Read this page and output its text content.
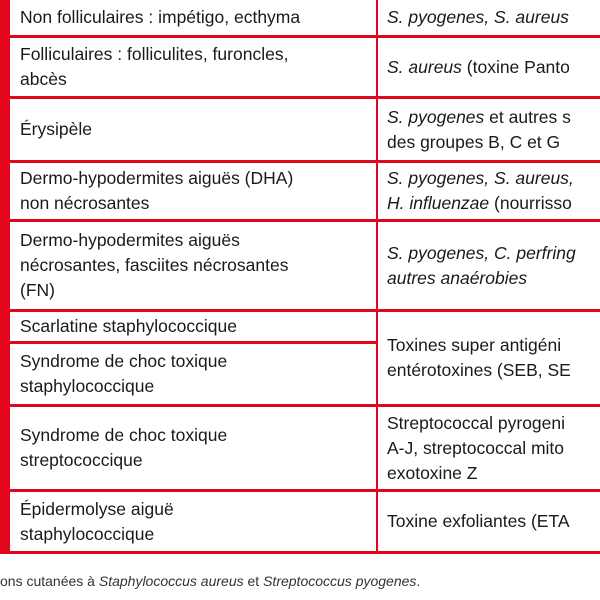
Non folliculaires : impétigo, ecthyma	S. pyogenes, S. aureus
Folliculaires : folliculites, furoncles,
abcès
S. aureus (toxine Panto
Érysipèle
S. pyogenes et autres s
des groupes B, C et G
Dermo-hypodermites aiguës (DHA)
non nécrosantes
S. pyogenes, S. aureus,
H. influenzae (nourrisso
Dermo-hypodermites aiguës
nécrosantes, fasciites nécrosantes
(FN)
S. pyogenes, C. perfring
autres anaérobies
Scarlatine staphylococcique
Syndrome de choc toxique
staphylococcique
Toxines super antigéni
entérotoxines (SEB, SE
Syndrome de choc toxique
streptococcique
Streptococcal pyrogeni
A-J, streptococcal mito
exotoxine Z
Épidermolyse aiguë
staphylococcique
Toxine exfoliantes (ETA
ons cutanées à Staphylococcus aureus et Streptococcus pyogenes.
